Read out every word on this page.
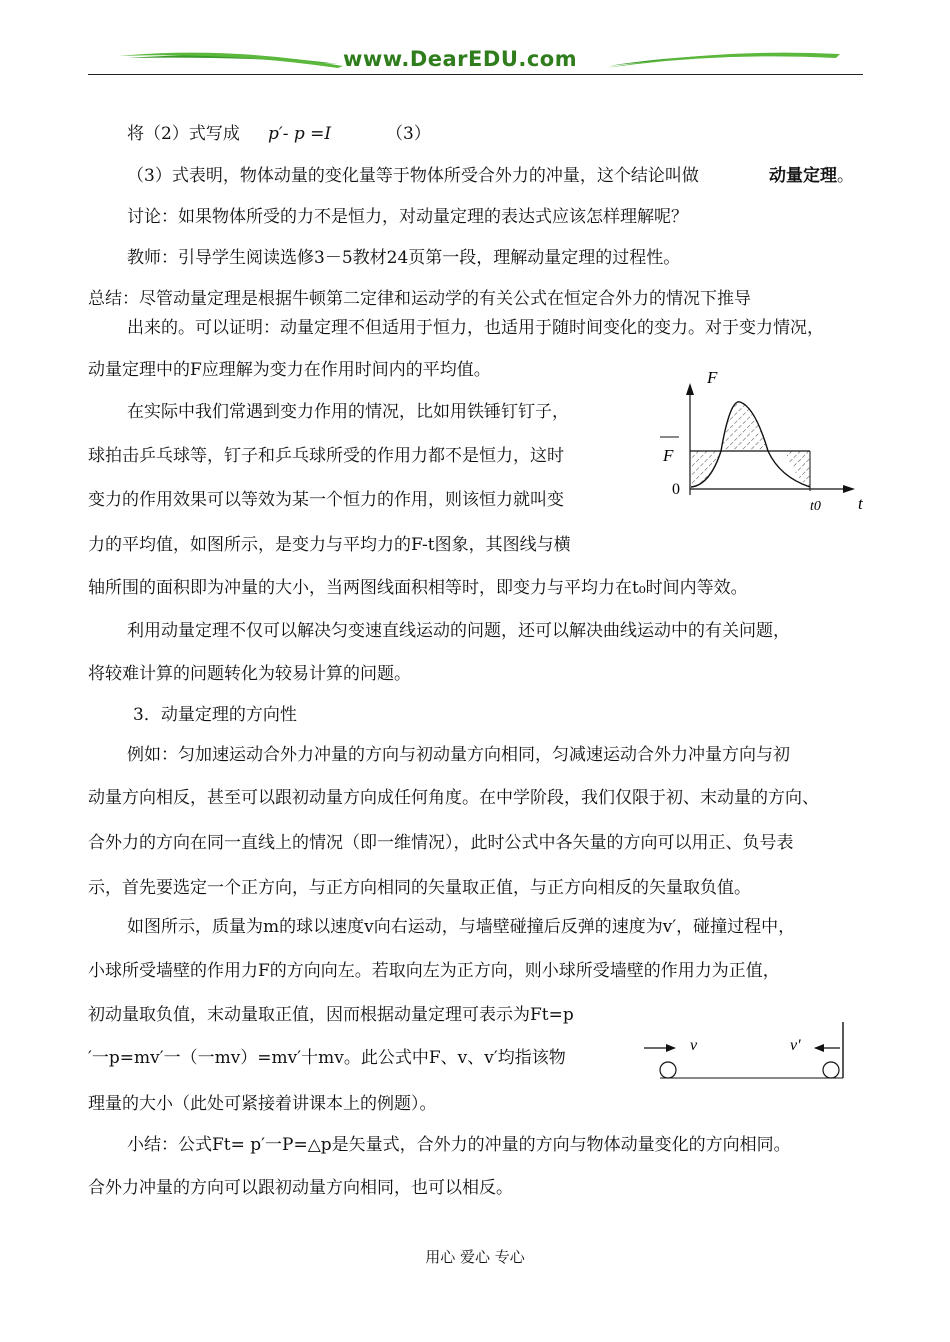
www.DearEDU.com
将（2）式写成 p′- p =I	（3）
（3）式表明，物体动量的变化量等于物体所受合外力的冲量，这个结论叫做	动量定理 。
讨论：如果物体所受的力不是恒力，对动量定理的表达式应该怎样理解呢？
教师：引导学生阅读选修3－5教材24页第一段，理解动量定理的过程性。
总结：尽管动量定理是根据牛顿第二定律和运动学的有关公式在恒定合外力的情况下推导
出来的。可以证明：动量定理不但适用于恒力，也适用于随时间变化的变力。对于变力情况，
动量定理中的F应理解为变力在作用时间内的平均值。
在实际中我们常遇到变力作用的情况，比如用铁锤钉钉子，
球拍击乒乓球等，钉子和乒乓球所受的作用力都不是恒力，这时
变力的作用效果可以等效为某一个恒力的作用，则该恒力就叫变
力的平均值，如图所示，是变力与平均力的F-t图象，其图线与横
轴所围的面积即为冲量的大小，当两图线面积相等时，即变力与平均力在t₀时间内等效。
利用动量定理不仅可以解决匀变速直线运动的问题，还可以解决曲线运动中的有关问题，
将较难计算的问题转化为较易计算的问题。
3．动量定理的方向性
例如：匀加速运动合外力冲量的方向与初动量方向相同，匀减速运动合外力冲量方向与初
动量方向相反，甚至可以跟初动量方向成任何角度。在中学阶段，我们仅限于初、末动量的方向、
合外力的方向在同一直线上的情况（即一维情况），此时公式中各矢量的方向可以用正、负号表
示，首先要选定一个正方向，与正方向相同的矢量取正值，与正方向相反的矢量取负值。
如图所示，质量为m的球以速度v向右运动，与墙壁碰撞后反弹的速度为v′，碰撞过程中，
小球所受墙壁的作用力F的方向向左。若取向左为正方向，则小球所受墙壁的作用力为正值，
初动量取负值，末动量取正值，因而根据动量定理可表示为Ft=p
′一p=mv′一（一mv）=mv′十mv。此公式中F、v、v′均指该物
理量的大小（此处可紧接着讲课本上的例题）。
小结：公式Ft= p′一P=△p是矢量式，合外力的冲量的方向与物体动量变化的方向相同。
合外力冲量的方向可以跟初动量方向相同，也可以相反。
F
F
0
t0 t
v	v′
用心 爱心 专心
